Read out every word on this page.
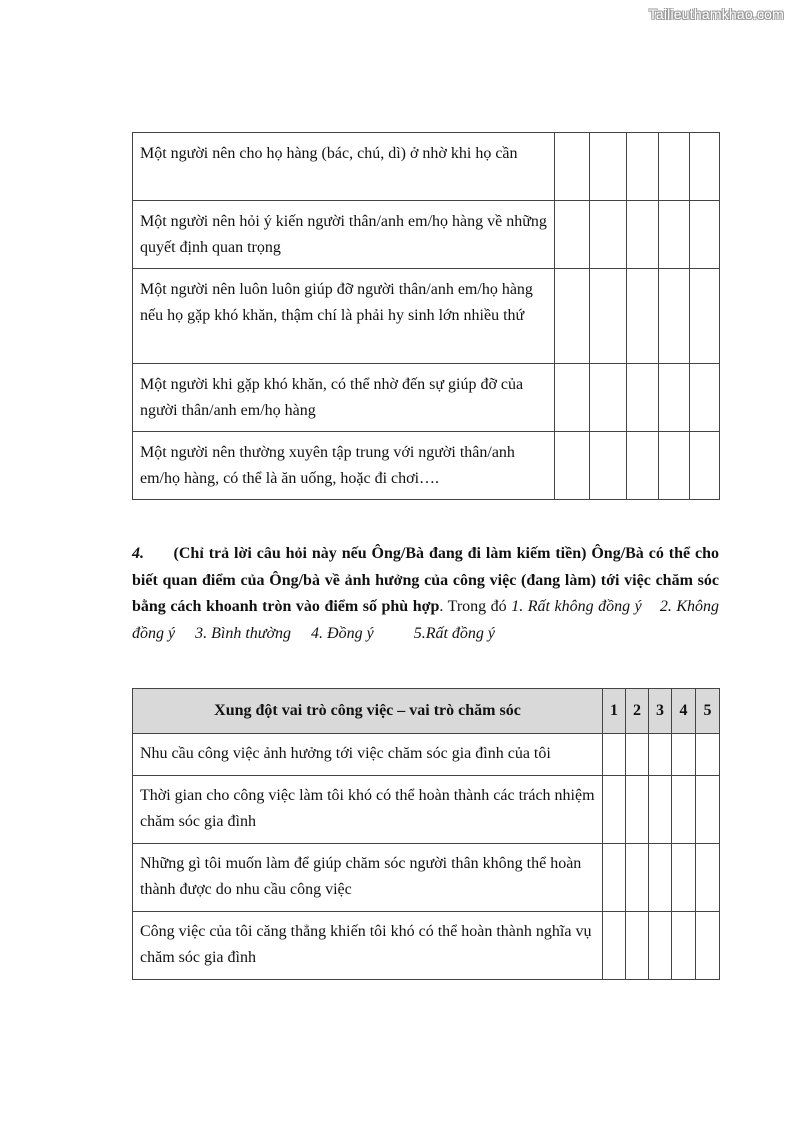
Tailieuthamkhao.com
Một người nên cho họ hàng (bác, chú, dì) ở nhờ khi họ cần					
Một người nên hỏi ý kiến người thân/anh em/họ hàng về những quyết định quan trọng					
Một người nên luôn luôn giúp đỡ người thân/anh em/họ hàng nếu họ gặp khó khăn, thậm chí là phải hy sinh lớn nhiều thứ					
Một người khi gặp khó khăn, có thể nhờ đến sự giúp đỡ của người thân/anh em/họ hàng					
Một người nên thường xuyên tập trung với người thân/anh em/họ hàng, có thể là ăn uống, hoặc đi chơi….					
4. (Chỉ trả lời câu hỏi này nếu Ông/Bà đang đi làm kiếm tiền) Ông/Bà có thể cho biết quan điểm của Ông/bà về ảnh hưởng của công việc (đang làm) tới việc chăm sóc bằng cách khoanh tròn vào điểm số phù hợp. Trong đó 1. Rất không đồng ý 2. Không đồng ý 3. Bình thường 4. Đồng ý	5.Rất đồng ý
Xung đột vai trò công việc – vai trò chăm sóc	1	2	3	4	5
Nhu cầu công việc ảnh hưởng tới việc chăm sóc gia đình của tôi					
Thời gian cho công việc làm tôi khó có thể hoàn thành các trách nhiệm chăm sóc gia đình					
Những gì tôi muốn làm để giúp chăm sóc người thân không thể hoàn thành được do nhu cầu công việc					
Công việc của tôi căng thẳng khiến tôi khó có thể hoàn thành nghĩa vụ chăm sóc gia đình					
